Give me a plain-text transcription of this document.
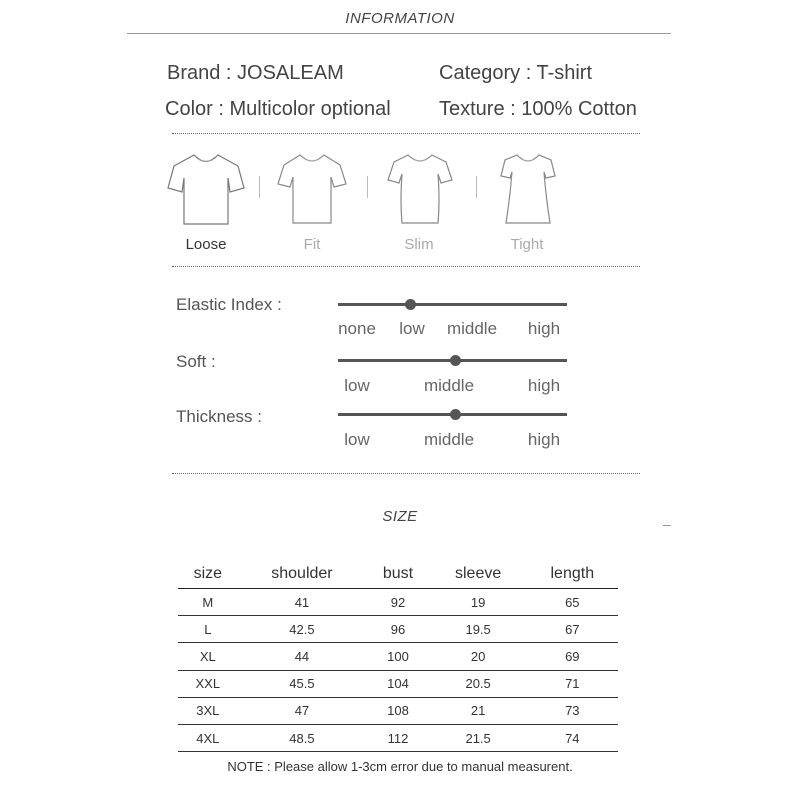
INFORMATION
Brand : JOSALEAM	Category : T-shirt
Color : Multicolor optional Texture : 100% Cotton
Loose	Fit	Slim	Tight
Elastic Index :
none low middle high
Soft :
low	middle	high
Thickness :
low	middle	high
SIZE
size	shoulder	bust	sleeve	length
M	41	92	19	65
L	42.5	96	19.5	67
XL	44	100	20	69
XXL	45.5	104	20.5	71
3XL	47	108	21	73
4XL	48.5	112	21.5	74
NOTE : Please allow 1-3cm error due to manual measurent.
